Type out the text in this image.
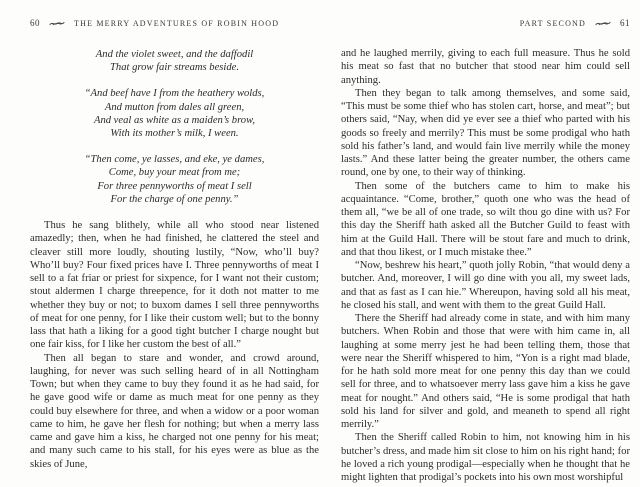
60	THE MERRY ADVENTURES OF ROBIN HOOD
And the violet sweet, and the daffodil
That grow fair streams beside.
“And beef have I from the heathery wolds,
And mutton from dales all green,
And veal as white as a maiden’s brow,
With its mother’s milk, I ween.
“Then come, ye lasses, and eke, ye dames,
Come, buy your meat from me;
For three pennyworths of meat I sell
For the charge of one penny.”

Thus he sang blithely, while all who stood near listened amazedly; then, when he had finished, he clattered the steel and cleaver still more loudly, shouting lustily, “Now, who’ll buy? Who’ll buy? Four fixed prices have I. Three pennyworths of meat I sell to a fat friar or priest for sixpence, for I want not their custom; stout aldermen I charge threepence, for it doth not matter to me whether they buy or not; to buxom dames I sell three pennyworths of meat for one penny, for I like their custom well; but to the bonny lass that hath a liking for a good tight butcher I charge nought but one fair kiss, for I like her custom the best of all.”

Then all began to stare and wonder, and crowd around, laughing, for never was such selling heard of in all Nottingham Town; but when they came to buy they found it as he had said, for he gave good wife or dame as much meat for one penny as they could buy elsewhere for three, and when a widow or a poor woman came to him, he gave her flesh for nothing; but when a merry lass came and gave him a kiss, he charged not one penny for his meat; and many such came to his stall, for his eyes were as blue as the skies of June,

PART SECOND	61

and he laughed merrily, giving to each full measure. Thus he sold his meat so fast that no butcher that stood near him could sell anything.

Then they began to talk among themselves, and some said, “This must be some thief who has stolen cart, horse, and meat”; but others said, “Nay, when did ye ever see a thief who parted with his goods so freely and merrily? This must be some prodigal who hath sold his father’s land, and would fain live merrily while the money lasts.” And these latter being the greater number, the others came round, one by one, to their way of thinking.

Then some of the butchers came to him to make his acquaintance. “Come, brother,” quoth one who was the head of them all, “we be all of one trade, so wilt thou go dine with us? For this day the Sheriff hath asked all the Butcher Guild to feast with him at the Guild Hall. There will be stout fare and much to drink, and that thou likest, or I much mistake thee.”

“Now, beshrew his heart,” quoth jolly Robin, “that would deny a butcher. And, moreover, I will go dine with you all, my sweet lads, and that as fast as I can hie.” Whereupon, having sold all his meat, he closed his stall, and went with them to the great Guild Hall.

There the Sheriff had already come in state, and with him many butchers. When Robin and those that were with him came in, all laughing at some merry jest he had been telling them, those that were near the Sheriff whispered to him, “Yon is a right mad blade, for he hath sold more meat for one penny this day than we could sell for three, and to whatsoever merry lass gave him a kiss he gave meat for nought.” And others said, “He is some prodigal that hath sold his land for silver and gold, and meaneth to spend all right merrily.”

Then the Sheriff called Robin to him, not knowing him in his butcher’s dress, and made him sit close to him on his right hand; for he loved a rich young prodigal—especially when he thought that he might lighten that prodigal’s pockets into his own most worshipful
